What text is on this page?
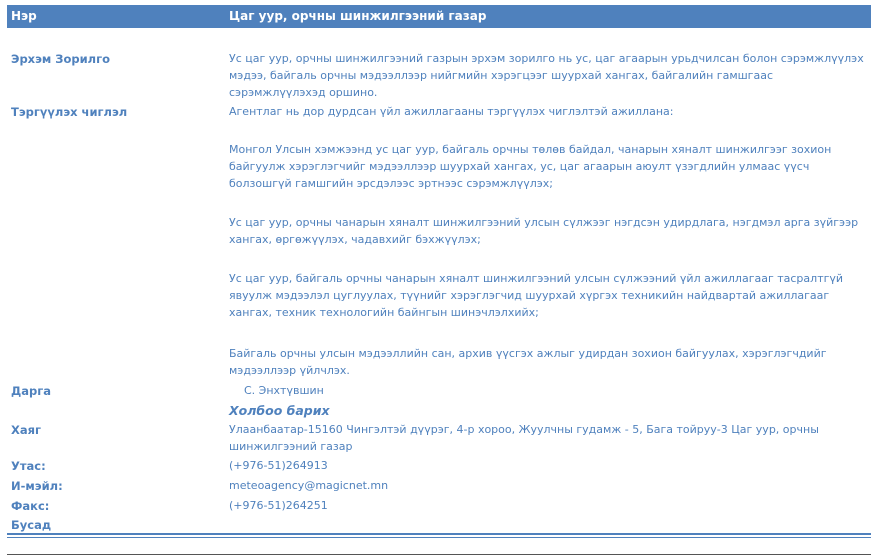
Нэр	Цаг уур, орчны шинжилгээний газар
Эрхэм Зорилго	Ус цаг уур, орчны шинжилгээний газрын эрхэм зорилго нь ус, цаг агаарын урьдчилсан болон сэрэмжлүүлэх мэдээ, байгаль орчны мэдээллээр нийгмийн хэрэгцээг шуурхай хангах, байгалийн гамшгаас сэрэмжлүүлэхэд оршино.
Тэргүүлэх чиглэл	Агентлаг нь дор дурдсан үйл ажиллагааны тэргүүлэх чиглэлтэй ажиллана:
Монгол Улсын хэмжээнд ус цаг уур, байгаль орчны төлөв байдал, чанарын хяналт шинжилгээг зохион байгуулж хэрэглэгчийг мэдээллээр шуурхай хангах, ус, цаг агаарын аюулт үзэгдлийн улмаас үүсч болзошгүй гамшгийн эрсдэлээс эртнээс сэрэмжлүүлэх;
Ус цаг уур, орчны чанарын хяналт шинжилгээний улсын сүлжээг нэгдсэн удирдлага, нэгдмэл арга зүйгээр хангах, өргөжүүлэх, чадавхийг бэхжүүлэх;
Ус цаг уур, байгаль орчны чанарын хяналт шинжилгээний улсын сүлжээний үйл ажиллагааг тасралтгүй явуулж мэдээлэл цуглуулах, түүнийг хэрэглэгчид шуурхай хүргэх техникийн найдвартай ажиллагааг хангах, техник технологийн байнгын шинэчлэлхийх;
Байгаль орчны улсын мэдээллийн сан, архив үүсгэх ажлыг удирдан зохион байгуулах, хэрэглэгчдийг мэдээллээр үйлчлэх.
Дарга	С. Энхтүвшин
Холбоо барих
Хаяг	Улаанбаатар-15160 Чингэлтэй дүүрэг, 4-р хороо, Жуулчны гудамж - 5, Бага тойруу-3 Цаг уур, орчны шинжилгээний газар
Утас:	(+976-51)264913
И-мэйл:	meteoagency@magicnet.mn
Факс:	(+976-51)264251
Бусад
